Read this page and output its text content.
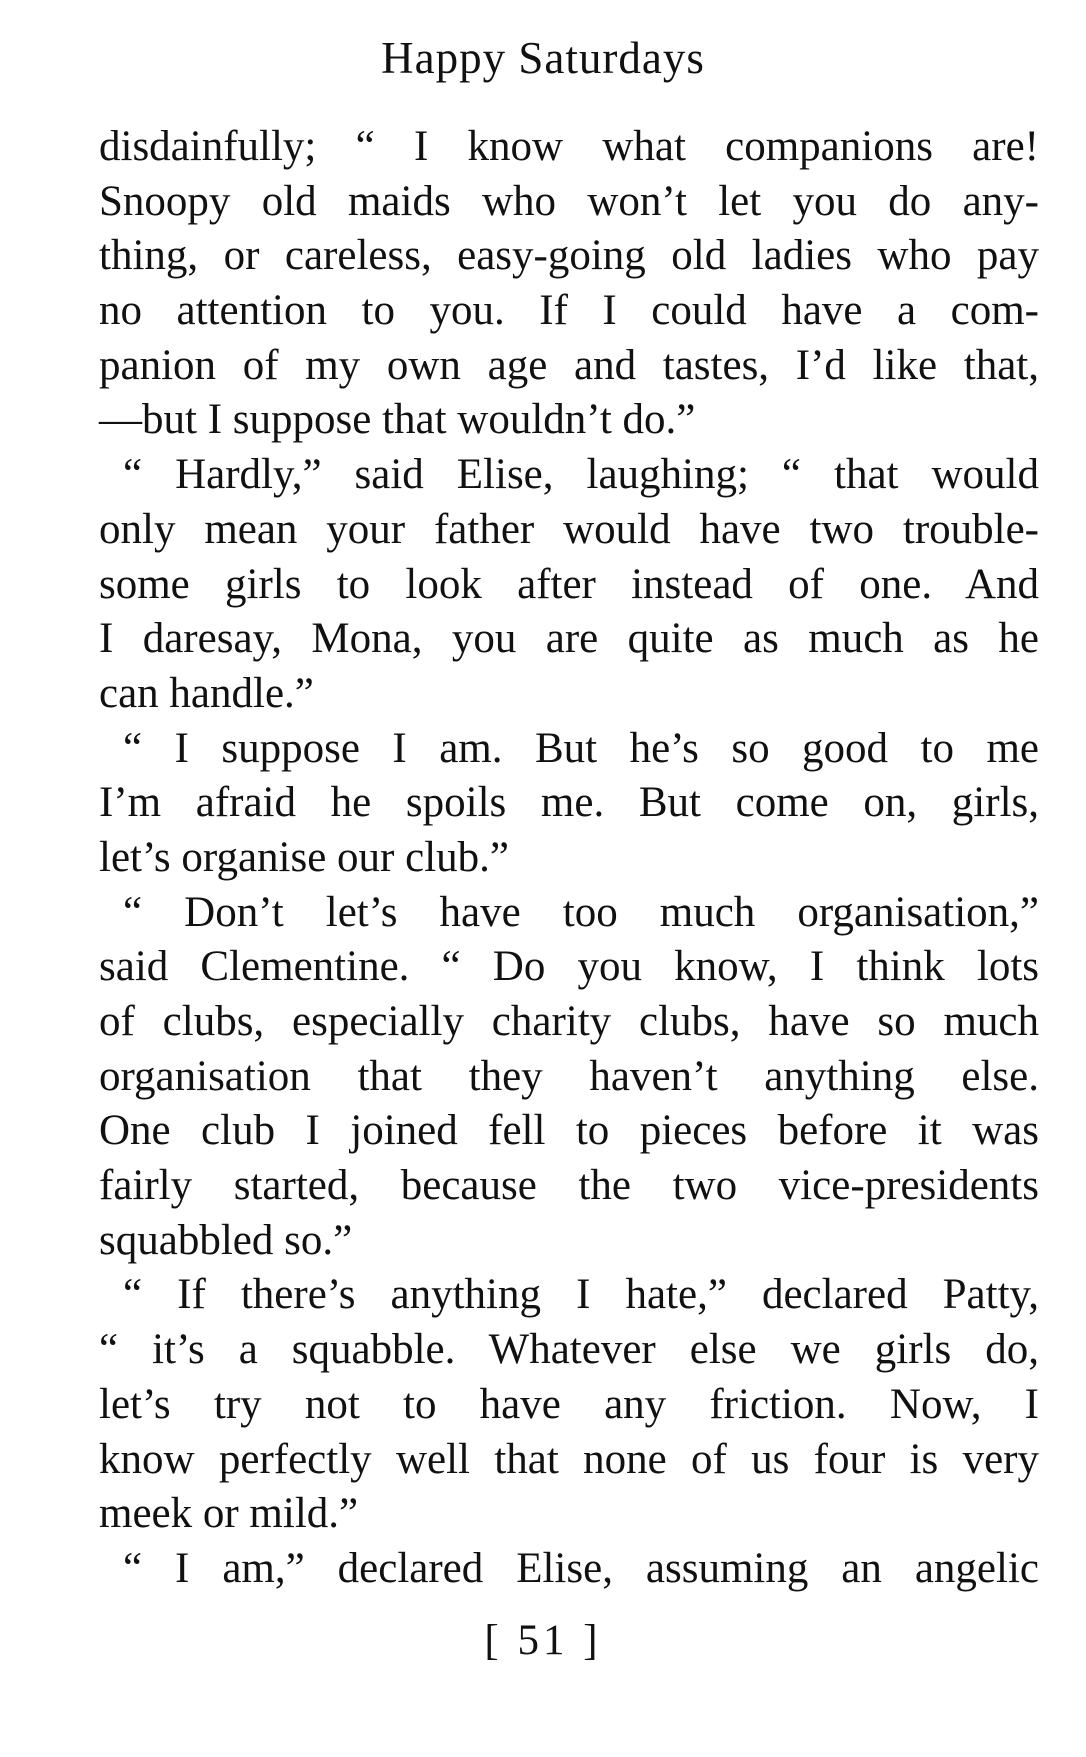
Happy Saturdays
disdainfully; “ I know what companions are!
Snoopy old maids who won’t let you do any-
thing, or careless, easy-going old ladies who pay
no attention to you. If I could have a com-
panion of my own age and tastes, I’d like that,
—but I suppose that wouldn’t do.”
“ Hardly,” said Elise, laughing; “ that would
only mean your father would have two trouble-
some girls to look after instead of one. And
I daresay, Mona, you are quite as much as he
can handle.”
“ I suppose I am. But he’s so good to me
I’m afraid he spoils me. But come on, girls,
let’s organise our club.”
“ Don’t let’s have too much organisation,”
said Clementine. “ Do you know, I think lots
of clubs, especially charity clubs, have so much
organisation that they haven’t anything else.
One club I joined fell to pieces before it was
fairly started, because the two vice-presidents
squabbled so.”
“ If there’s anything I hate,” declared Patty,
“ it’s a squabble. Whatever else we girls do,
let’s try not to have any friction. Now, I
know perfectly well that none of us four is very
meek or mild.”
“ I am,” declared Elise, assuming an angelic
[ 51 ]
